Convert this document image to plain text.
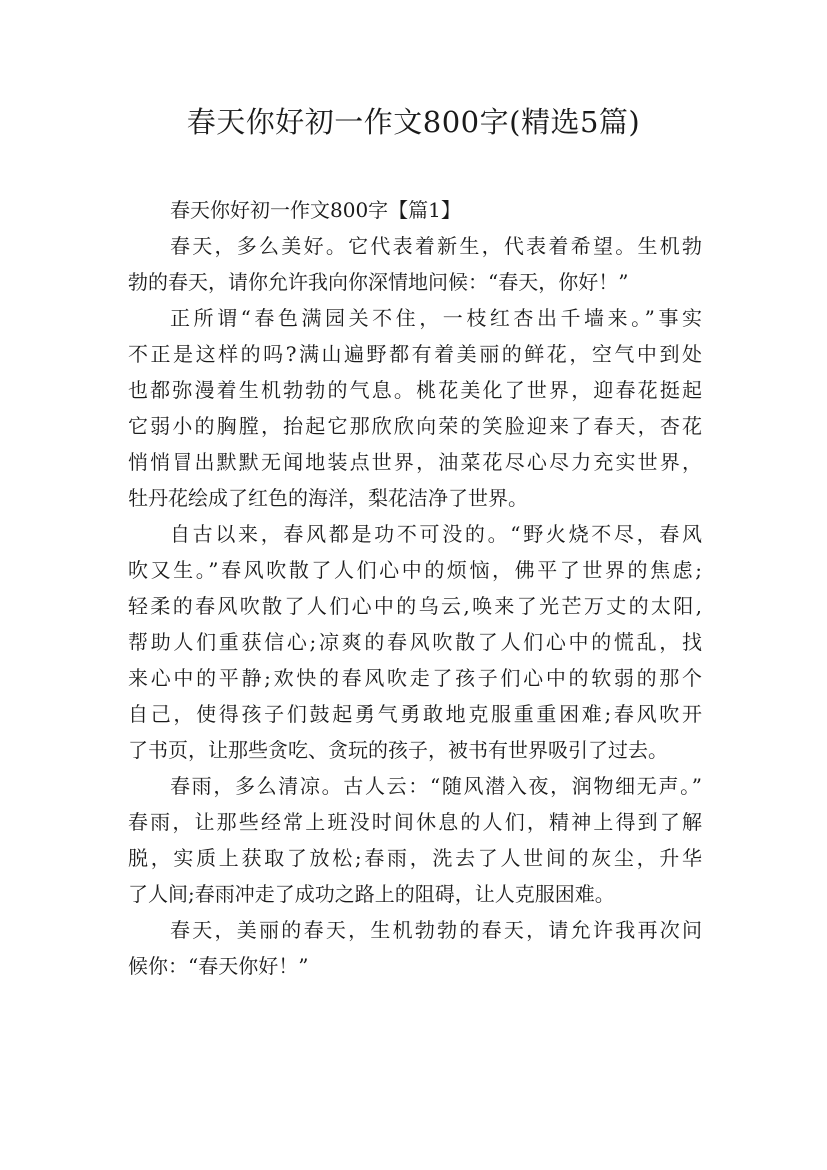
春天你好初一作文800字(精选5篇)

春天你好初一作文800字【篇1】

春天，多么美好。它代表着新生，代表着希望。生机勃
勃的春天，请你允许我向你深情地问候：“春天，你好！”
正所谓“春色满园关不住，一枝红杏出千墙来。”事实
不正是这样的吗?满山遍野都有着美丽的鲜花，空气中到处
也都弥漫着生机勃勃的气息。桃花美化了世界，迎春花挺起
它弱小的胸膛，抬起它那欣欣向荣的笑脸迎来了春天，杏花
悄悄冒出默默无闻地装点世界，油菜花尽心尽力充实世界，
牡丹花绘成了红色的海洋，梨花洁净了世界。
自古以来，春风都是功不可没的。“野火烧不尽，春风
吹又生。”春风吹散了人们心中的烦恼，佛平了世界的焦虑;
轻柔的春风吹散了人们心中的乌云,唤来了光芒万丈的太阳,
帮助人们重获信心;凉爽的春风吹散了人们心中的慌乱，找
来心中的平静;欢快的春风吹走了孩子们心中的软弱的那个
自己，使得孩子们鼓起勇气勇敢地克服重重困难;春风吹开
了书页，让那些贪吃、贪玩的孩子，被书有世界吸引了过去。
春雨，多么清凉。古人云：“随风潜入夜，润物细无声。”
春雨，让那些经常上班没时间休息的人们，精神上得到了解
脱，实质上获取了放松;春雨，洗去了人世间的灰尘，升华
了人间;春雨冲走了成功之路上的阻碍，让人克服困难。
春天，美丽的春天，生机勃勃的春天，请允许我再次问
候你：“春天你好！”
